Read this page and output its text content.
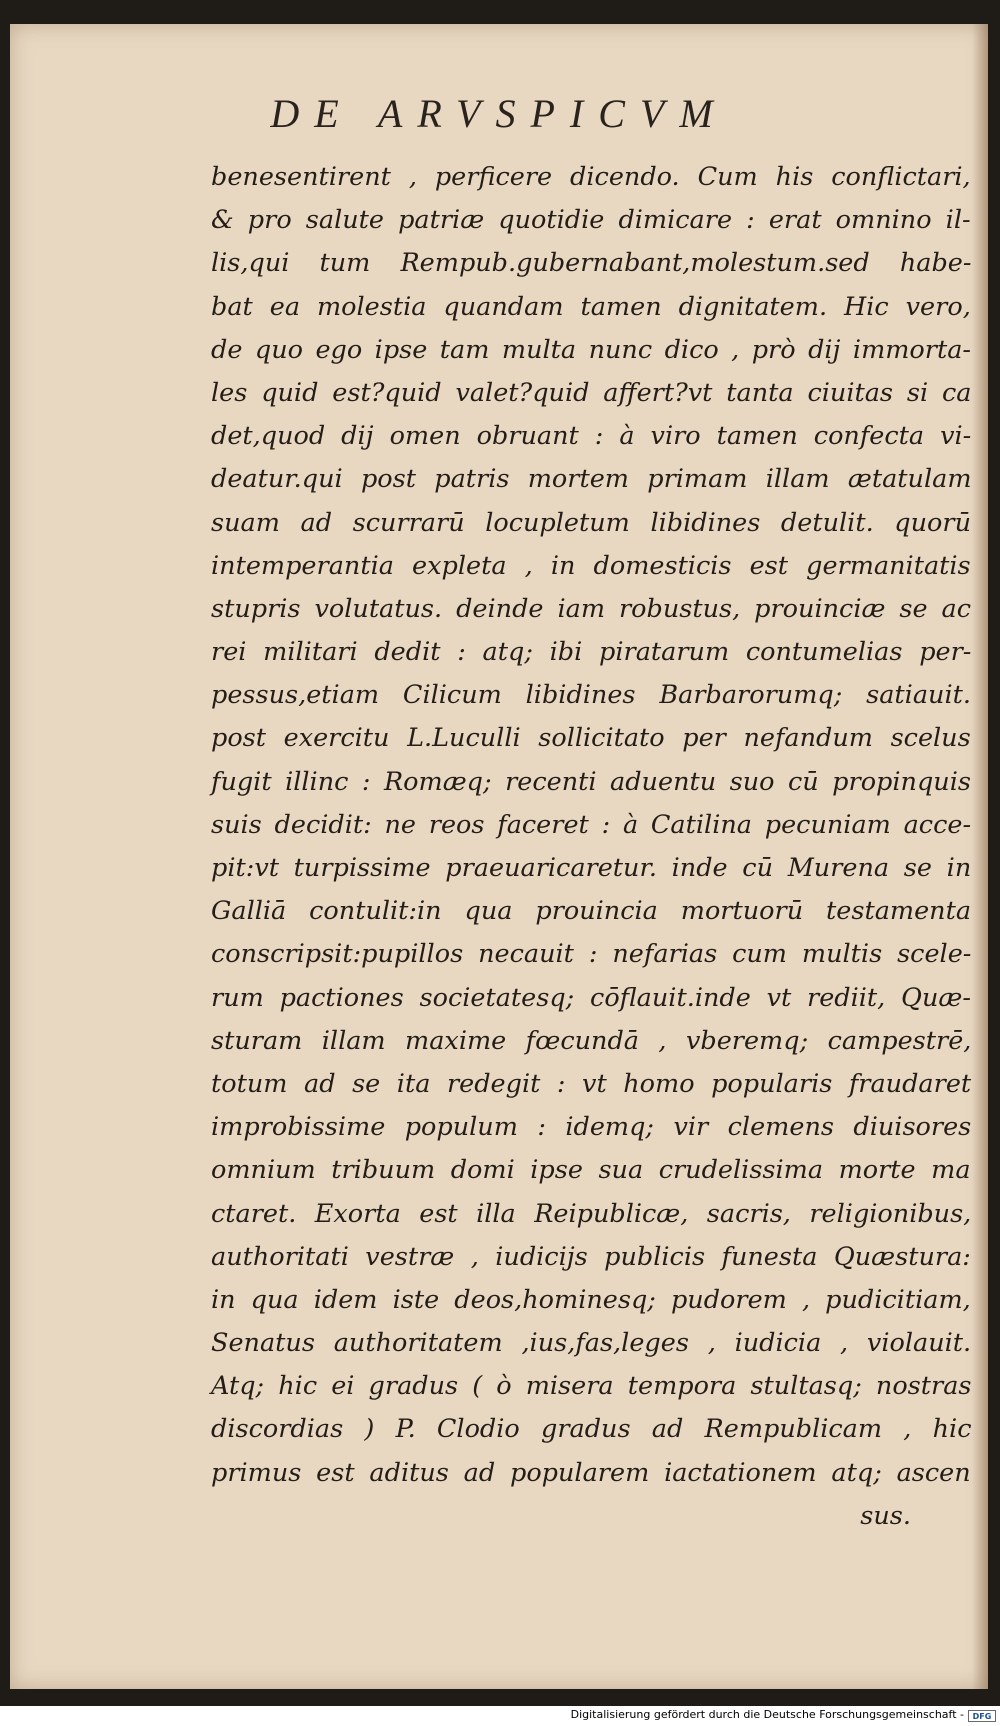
DE ARVSPICVM
benesentirent , perficere dicendo. Cum his conflictari,
& pro salute patriæ quotidie dimicare : erat omnino il-
lis,qui tum Rempub.gubernabant,molestum.sed habe-
bat ea molestia quandam tamen dignitatem. Hic vero,
de quo ego ipse tam multa nunc dico , prò dij immorta-
les quid est?quid valet?quid affert?vt tanta ciuitas si ca
det,quod dij omen obruant : à viro tamen confecta vi-
deatur.qui post patris mortem primam illam ætatulam
suam ad scurrarū locupletum libidines detulit. quorū
intemperantia expleta , in domesticis est germanitatis
stupris volutatus. deinde iam robustus, prouinciæ se ac
rei militari dedit : atq; ibi piratarum contumelias per-
pessus,etiam Cilicum libidines Barbarorumq; satiauit.
post exercitu L.Luculli sollicitato per nefandum scelus
fugit illinc : Romæq; recenti aduentu suo cū propinquis
suis decidit: ne reos faceret : à Catilina pecuniam acce-
pit:vt turpissime praeuaricaretur. inde cū Murena se in
Galliā contulit:in qua prouincia mortuorū testamenta
conscripsit:pupillos necauit : nefarias cum multis scele-
rum pactiones societatesq; cōflauit.inde vt rediit, Quæ-
sturam illam maxime fœcundā , vberemq; campestrē,
totum ad se ita redegit : vt homo popularis fraudaret
improbissime populum : idemq; vir clemens diuisores
omnium tribuum domi ipse sua crudelissima morte ma
ctaret. Exorta est illa Reipublicæ, sacris, religionibus,
authoritati vestræ , iudicijs publicis funesta Quæstura:
in qua idem iste deos,hominesq; pudorem , pudicitiam,
Senatus authoritatem ,ius,fas,leges , iudicia , violauit.
Atq; hic ei gradus ( ò misera tempora stultasq; nostras
discordias ) P. Clodio gradus ad Rempublicam , hic
primus est aditus ad popularem iactationem atq; ascen
sus.
Digitalisierung gefördert durch die Deutsche Forschungsgemeinschaft -	DFG
